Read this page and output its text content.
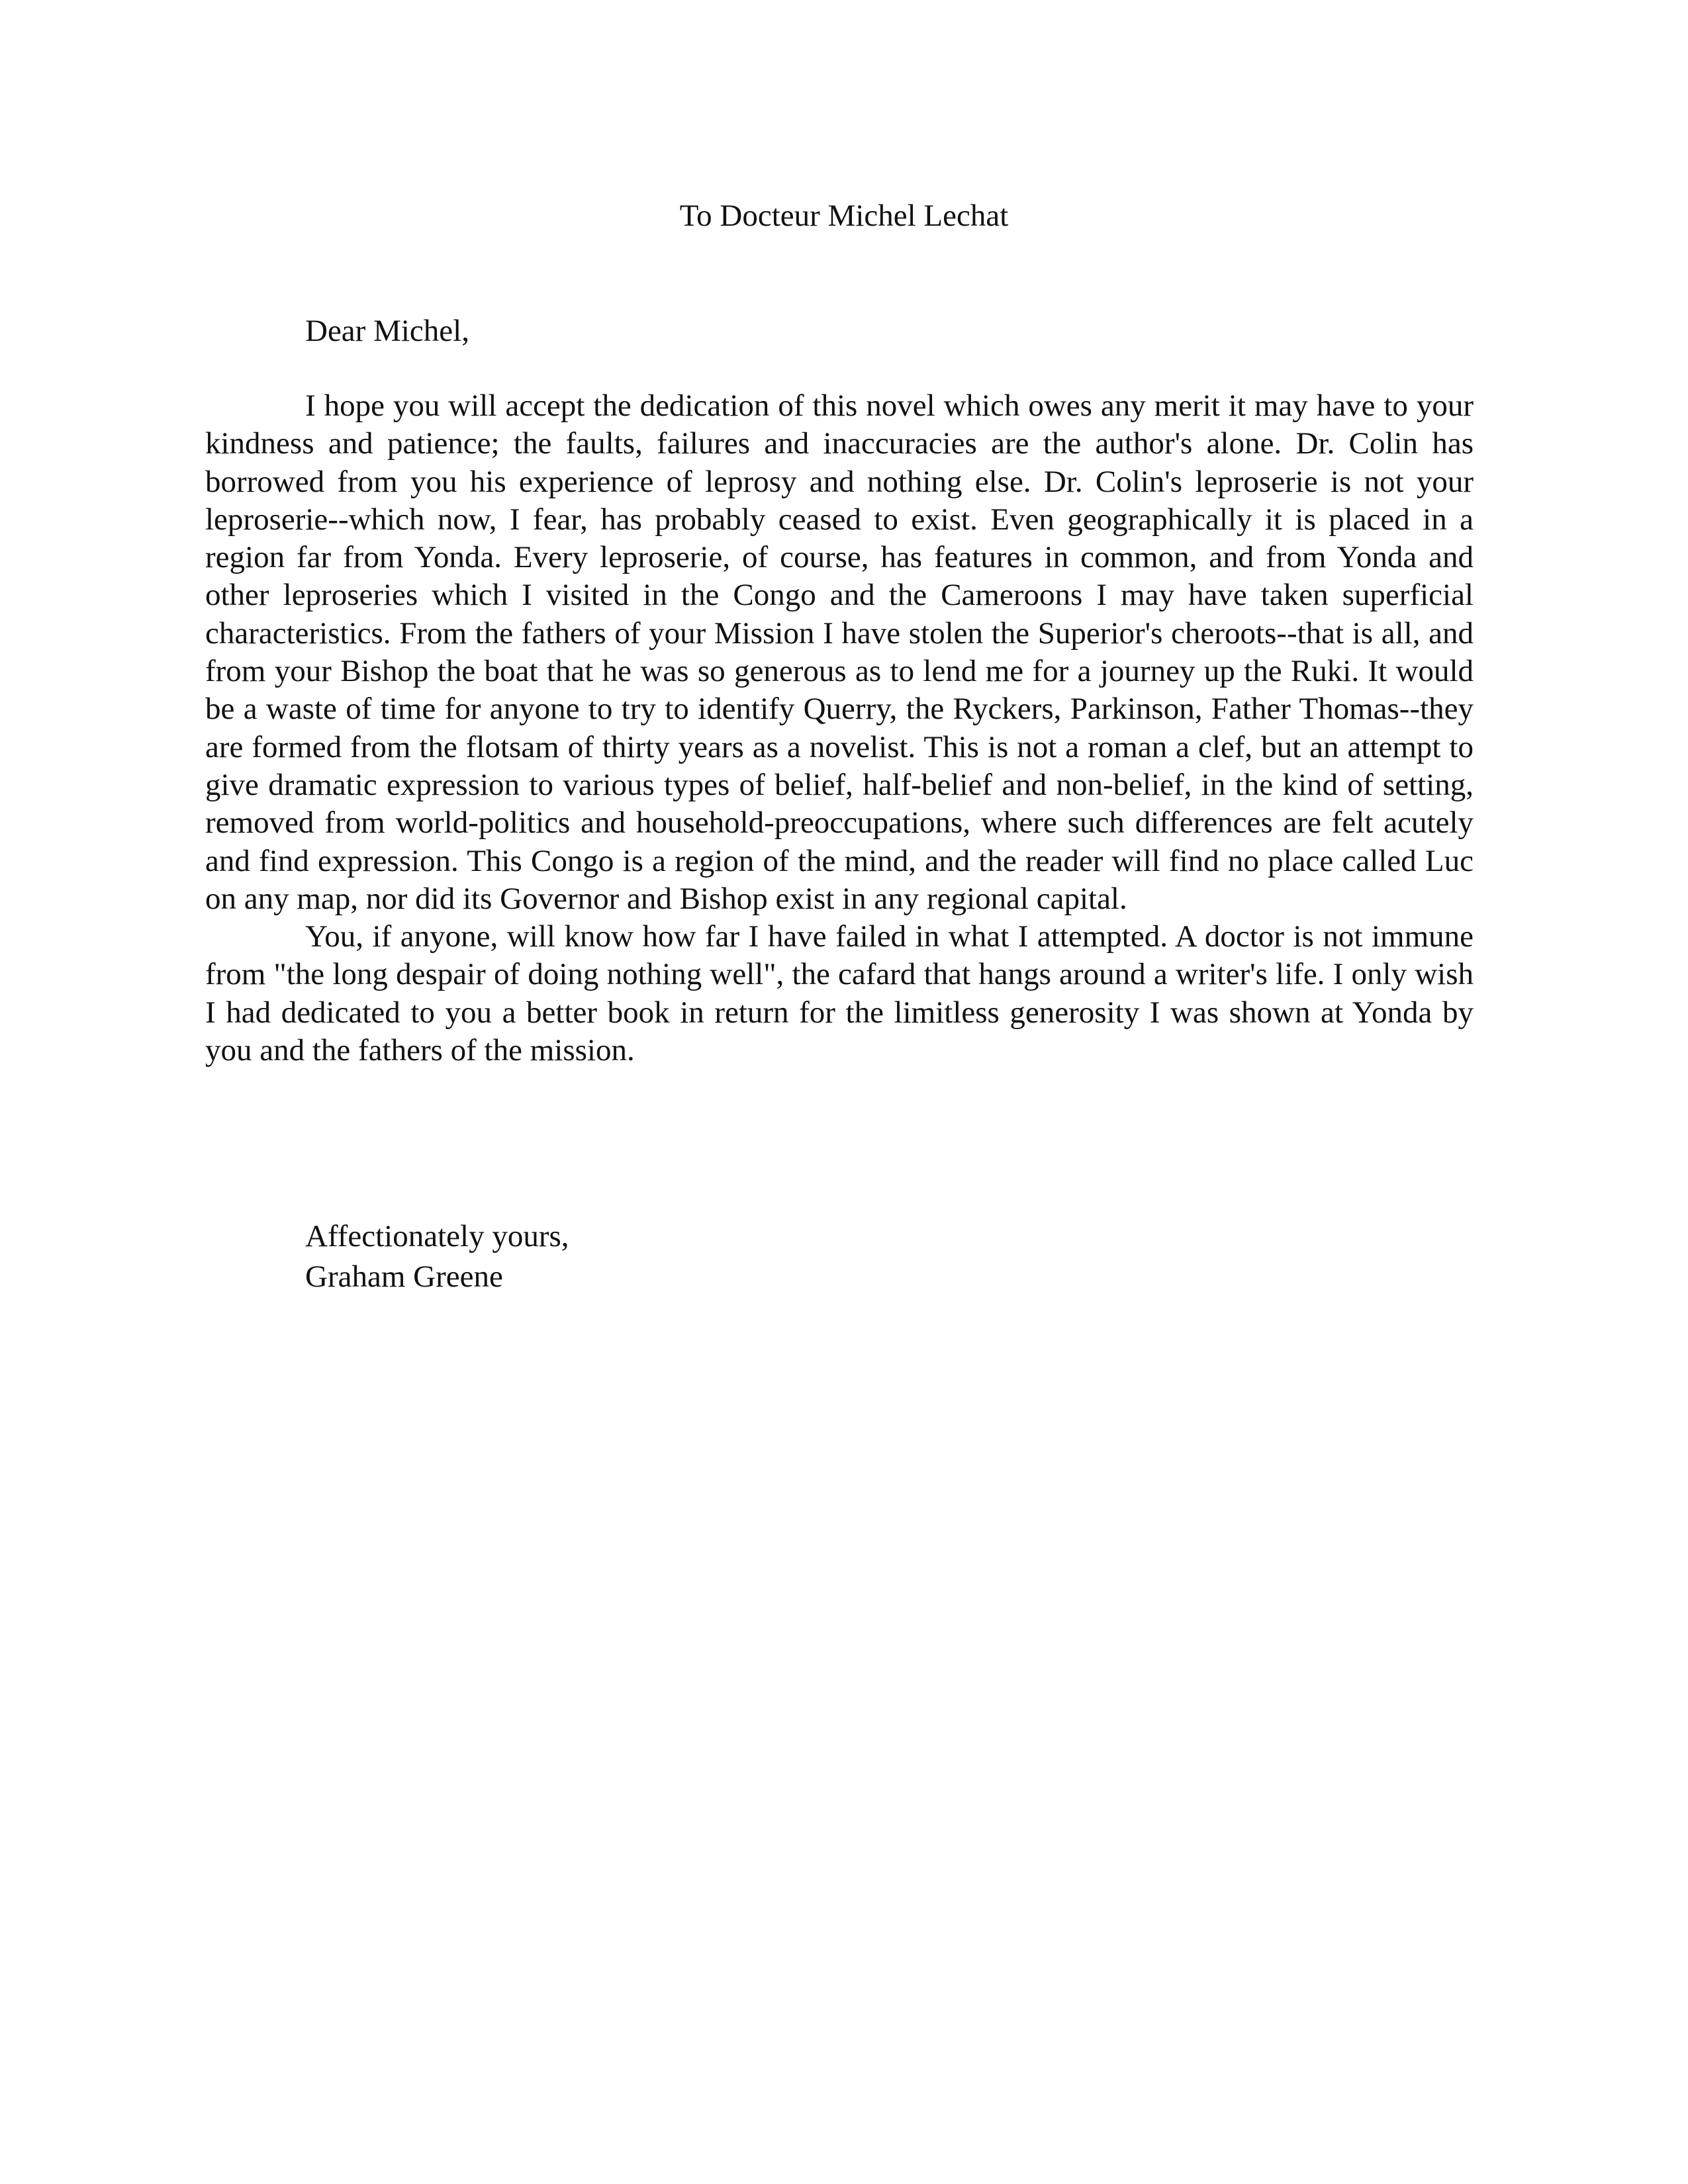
To Docteur Michel Lechat
Dear Michel,

I hope you will accept the dedication of this novel which owes any merit it may have to your kindness and patience; the faults, failures and inaccuracies are the author's alone. Dr. Colin has borrowed from you his experience of leprosy and nothing else. Dr. Colin's leproserie is not your leproserie--which now, I fear, has probably ceased to exist. Even geographically it is placed in a region far from Yonda. Every leproserie, of course, has features in common, and from Yonda and other leproseries which I visited in the Congo and the Cameroons I may have taken superficial characteristics. From the fathers of your Mission I have stolen the Superior's cheroots--that is all, and from your Bishop the boat that he was so generous as to lend me for a journey up the Ruki. It would be a waste of time for anyone to try to identify Querry, the Ryckers, Parkinson, Father Thomas--they are formed from the flotsam of thirty years as a novelist. This is not a roman a clef, but an attempt to give dramatic expression to various types of belief, half-belief and non-belief, in the kind of setting, removed from world-politics and household-preoccupations, where such differences are felt acutely and find expression. This Congo is a region of the mind, and the reader will find no place called Luc on any map, nor did its Governor and Bishop exist in any regional capital.

You, if anyone, will know how far I have failed in what I attempted. A doctor is not immune from "the long despair of doing nothing well", the cafard that hangs around a writer's life. I only wish I had dedicated to you a better book in return for the limitless generosity I was shown at Yonda by you and the fathers of the mission.

Affectionately yours,
Graham Greene
